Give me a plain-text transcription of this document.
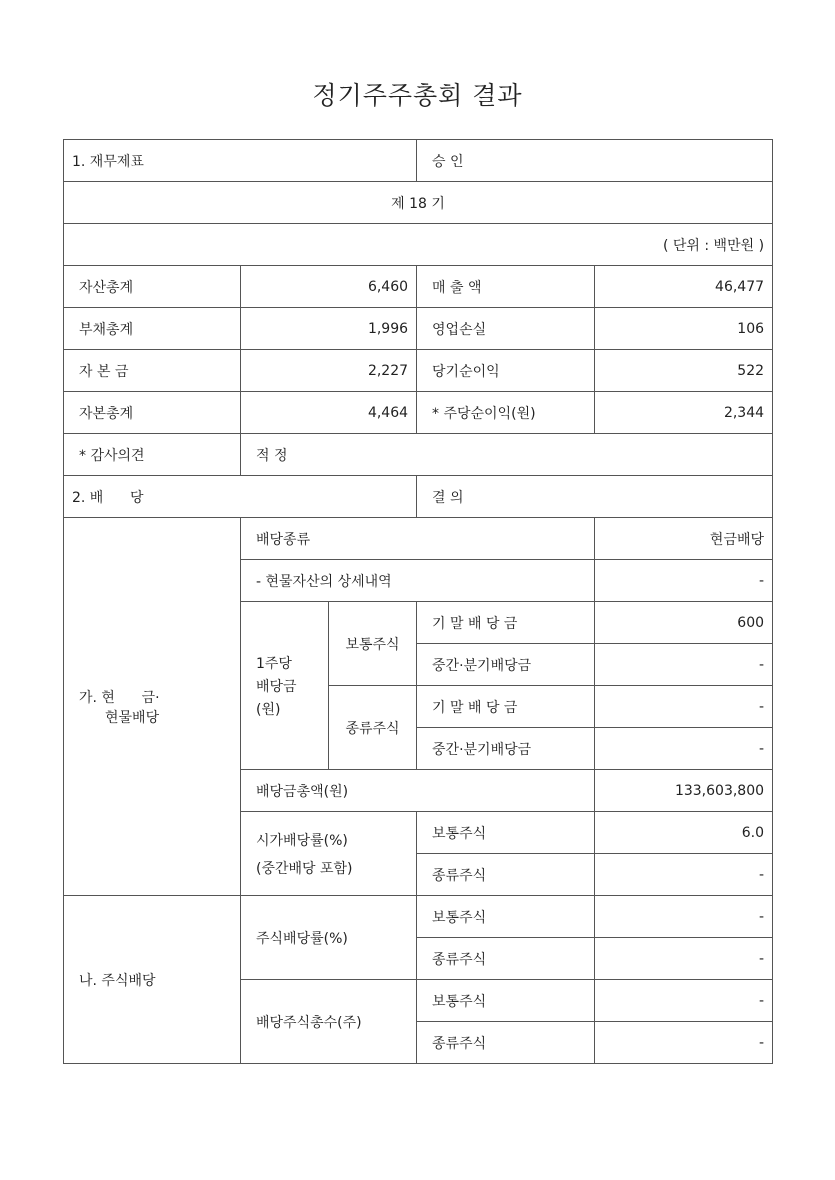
정기주주총회 결과
1. 재무제표			승 인	
제 18 기				
( 단위 : 백만원 )				
자산총계	6,460		매 출 액	46,477
부채총계	1,996		영업손실	106
자 본 금	2,227		당기순이익	522
자본총계	4,464		* 주당순이익(원)	2,344
* 감사의견	적 정			
2. 배      당			결 의	

가. 현      금·
현물배당	배당종류			현금배당
	- 현물자산의 상세내역			-

	1주당
배당금
(원)	보통주식	기 말 배 당 금	600
			중간·분기배당금	-
		종류주식	기 말 배 당 금	-
			중간·분기배당금	-
	배당금총액(원)			133,603,800

	시가배당률(%)
(중간배당 포함)		보통주식	6.0
			종류주식	-
나. 주식배당	주식배당률(%)		보통주식	-
			종류주식	-
	배당주식총수(주)		보통주식	-
			종류주식	-
